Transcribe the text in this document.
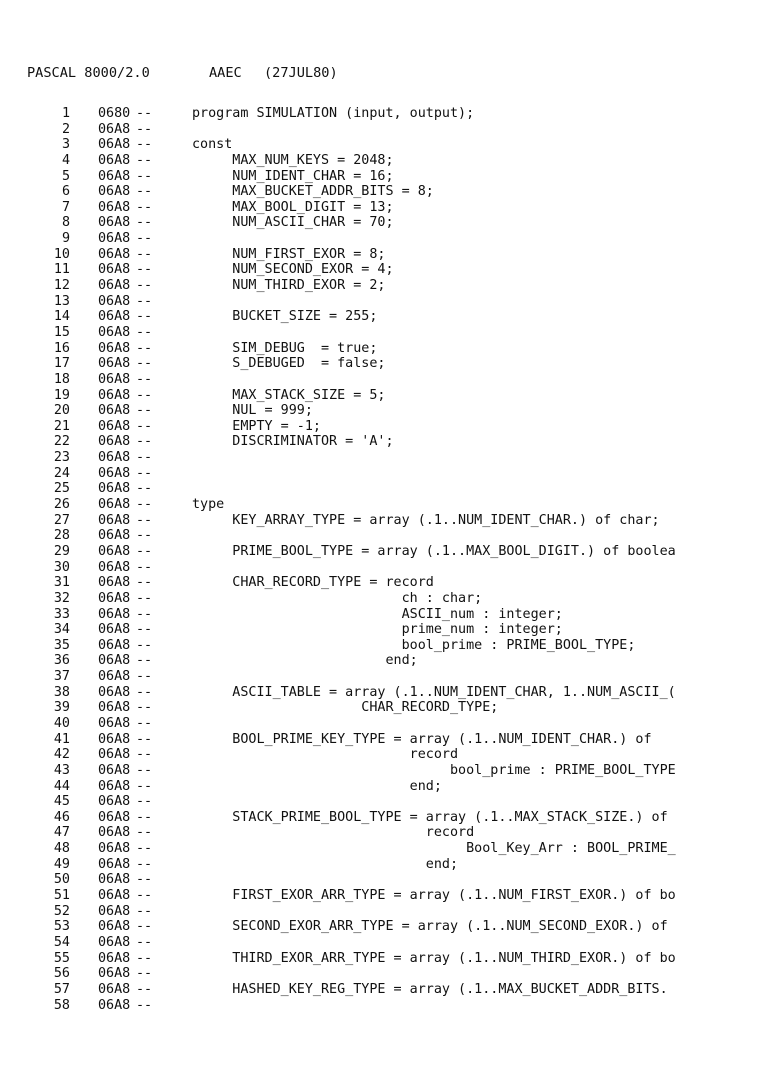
PASCAL 8000/2.0

	AAEC

(27JUL80)

1 0680 --	program SIMULATION (input, output);
2 06A8 --
3 06A8 --	const
4 06A8 --	MAX_NUM_KEYS = 2048;
5 06A8 --	NUM_IDENT_CHAR = 16;
6 06A8 --	MAX_BUCKET_ADDR_BITS = 8;
7 06A8 --	MAX_BOOL_DIGIT = 13;
8 06A8 --	NUM_ASCII_CHAR = 70;
9 06A8 --
10 06A8 --	NUM_FIRST_EXOR = 8;
11 06A8 --	NUM_SECOND_EXOR = 4;
12 06A8 --	NUM_THIRD_EXOR = 2;
13 06A8 --
14 06A8 --	BUCKET_SIZE = 255;
15 06A8 --
16 06A8 --	SIM_DEBUG  = true;
17 06A8 --	S_DEBUGED  = false;
18 06A8 --
19 06A8 --	MAX_STACK_SIZE = 5;
20 06A8 --	NUL = 999;
21 06A8 --	EMPTY = -1;
22 06A8 --	DISCRIMINATOR = 'A';
23 06A8 --
24 06A8 --
25 06A8 --
26 06A8 --	type
27 06A8 --	KEY_ARRAY_TYPE = array (.1..NUM_IDENT_CHAR.) of char;
28 06A8 --
29 06A8 --	PRIME_BOOL_TYPE = array (.1..MAX_BOOL_DIGIT.) of boolea
30 06A8 --
31 06A8 --	CHAR_RECORD_TYPE = record
32 06A8 --	ch : char;
33 06A8 --	ASCII_num : integer;
34 06A8 --	prime_num : integer;
35 06A8 --	bool_prime : PRIME_BOOL_TYPE;
36 06A8 --	end;
37 06A8 --
38 06A8 --	ASCII_TABLE = array (.1..NUM_IDENT_CHAR, 1..NUM_ASCII_(
39 06A8 --	CHAR_RECORD_TYPE;
40 06A8 --
41 06A8 --	BOOL_PRIME_KEY_TYPE = array (.1..NUM_IDENT_CHAR.) of
42 06A8 --	record
43 06A8 --	bool_prime : PRIME_BOOL_TYPE
44 06A8 --	end;
45 06A8 --
46 06A8 --	STACK_PRIME_BOOL_TYPE = array (.1..MAX_STACK_SIZE.) of
47 06A8 --	record
48 06A8 --	Bool_Key_Arr : BOOL_PRIME_
49 06A8 --	end;
50 06A8 --
51 06A8 --	FIRST_EXOR_ARR_TYPE = array (.1..NUM_FIRST_EXOR.) of bo
52 06A8 --
53 06A8 --	SECOND_EXOR_ARR_TYPE = array (.1..NUM_SECOND_EXOR.) of
54 06A8 --
55 06A8 --	THIRD_EXOR_ARR_TYPE = array (.1..NUM_THIRD_EXOR.) of bo
56 06A8 --
57 06A8 --	HASHED_KEY_REG_TYPE = array (.1..MAX_BUCKET_ADDR_BITS.
58 06A8 --
